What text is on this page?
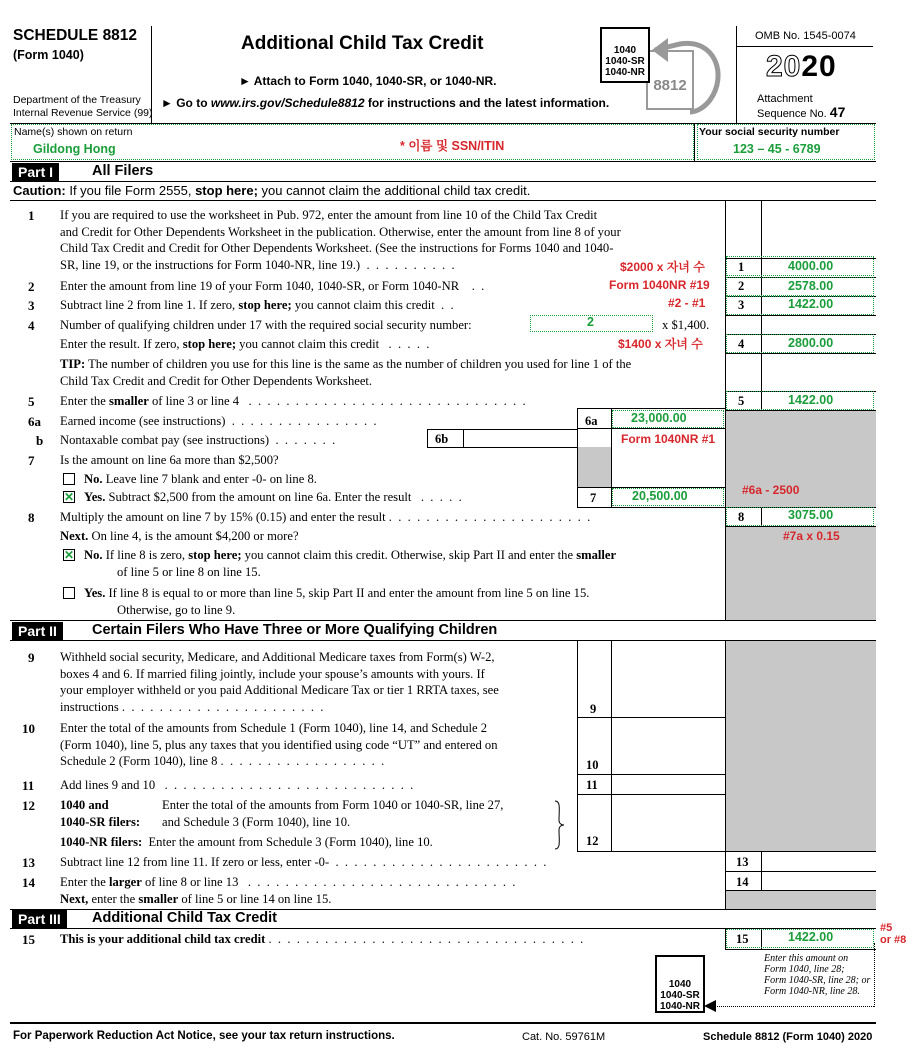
SCHEDULE 8812
(Form 1040)
Department of the Treasury
Internal Revenue Service (99)
Additional Child Tax Credit
► Attach to Form 1040, 1040-SR, or 1040-NR.
► Go to www.irs.gov/Schedule8812 for instructions and the latest information.
8812
1040
1040-SR
1040-NR
OMB No. 1545-0074
2020
Attachment
Sequence No. 47
Name(s) shown on return
Gildong Hong	* 이름 및 SSN/ITIN
Your social security number
123 – 45 - 6789
Part I	All Filers
Caution: If you file Form 2555, stop here; you cannot claim the additional child tax credit.
1 If you are required to use the worksheet in Pub. 972, enter the amount from line 10 of the Child Tax Credit
and Credit for Other Dependents Worksheet in the publication. Otherwise, enter the amount from line 8 of your
Child Tax Credit and Credit for Other Dependents Worksheet. (See the instructions for Forms 1040 and 1040-
SR, line 19, or the instructions for Form 1040-NR, line 19.)  .  .  .  .  .  .  .  .  .  .	$2000 x 자녀 수	1	4000.00
2 Enter the amount from line 19 of your Form 1040, 1040-SR, or Form 1040-NR    .  .	Form 1040NR #19 2	2578.00
3 Subtract line 2 from line 1. If zero, stop here; you cannot claim this credit  .  .	#2 - #1	3	1422.00
4 Number of qualifying children under 17 with the required social security number:	2	x $1,400.
Enter the result. If zero, stop here; you cannot claim this credit   .  .  .  .  .	$1400 x 자녀 수	4	2800.00
TIP: The number of children you use for this line is the same as the number of children you used for line 1 of the
Child Tax Credit and Credit for Other Dependents Worksheet.
5 Enter the smaller of line 3 or line 4   .  .  .  .  .  .  .  .  .  .  .  .  .  .  .  .  .  .  .  .  .  .  .  .  .  .  .  .  .  .	5	1422.00
6a Earned income (see instructions)  .  .  .  .  .  .  .  .  .  .  .  .  .  .  .  .	6a	23,000.00
Form 1040NR #1
b Nontaxable combat pay (see instructions)  .  .  .  .  .  .  .	6b
7 Is the amount on line 6a more than $2,500?
No. Leave line 7 blank and enter -0- on line 8.
✕ Yes. Subtract $2,500 from the amount on line 6a. Enter the result   .  .  .  .  .	7	20,500.00	#6a - 2500
8 Multiply the amount on line 7 by 15% (0.15) and enter the result .  .  .  .  .  .  .  .  .  .  .  .  .  .  .  .  .  .  .  .  .  .	8	3075.00
#7a x 0.15
Next. On line 4, is the amount $4,200 or more?
✕ No. If line 8 is zero, stop here; you cannot claim this credit. Otherwise, skip Part II and enter the smaller
of line 5 or line 8 on line 15.
Yes. If line 8 is equal to or more than line 5, skip Part II and enter the amount from line 5 on line 15.
Otherwise, go to line 9.
Part II	Certain Filers Who Have Three or More Qualifying Children
9 Withheld social security, Medicare, and Additional Medicare taxes from Form(s) W-2,
boxes 4 and 6. If married filing jointly, include your spouse’s amounts with yours. If
your employer withheld or you paid Additional Medicare Tax or tier 1 RRTA taxes, see
instructions .  .  .  .  .  .  .  .  .  .  .  .  .  .  .  .  .  .  .  .  .  .	9
10 Enter the total of the amounts from Schedule 1 (Form 1040), line 14, and Schedule 2
(Form 1040), line 5, plus any taxes that you identified using code “UT” and entered on
Schedule 2 (Form 1040), line 8 .  .  .  .  .  .  .  .  .  .  .  .  .  .  .  .  .  .	10
11 Add lines 9 and 10   .  .  .  .  .  .  .  .  .  .  .  .  .  .  .  .  .  .  .  .  .  .  .  .  .  .  .	11
12 1040 and
1040-SR filers:
Enter the total of the amounts from Form 1040 or 1040-SR, line 27,
and Schedule 3 (Form 1040), line 10.
1040-NR filers: Enter the amount from Schedule 3 (Form 1040), line 10.	12
13 Subtract line 12 from line 11. If zero or less, enter -0-  .  .  .  .  .  .  .  .  .  .  .  .  .  .  .  .  .  .  .  .  .  .  .	13
14 Enter the larger of line 8 or line 13   .  .  .  .  .  .  .  .  .  .  .  .  .  .  .  .  .  .  .  .  .  .  .  .  .  .  .  .  .	14
Next, enter the smaller of line 5 or line 14 on line 15.
Part III	Additional Child Tax Credit
15 This is your additional child tax credit .  .  .  .  .  .  .  .  .  .  .  .  .  .  .  .  .  .  .  .  .  .  .  .  .  .  .  .  .  .  .  .  .  .	15	1422.00
#5
or #8
Enter this amount on
Form 1040, line 28;
Form 1040-SR, line 28; or
Form 1040-NR, line 28.
1040
1040-SR
1040-NR
For Paperwork Reduction Act Notice, see your tax return instructions.	Cat. No. 59761M	Schedule 8812 (Form 1040) 2020
